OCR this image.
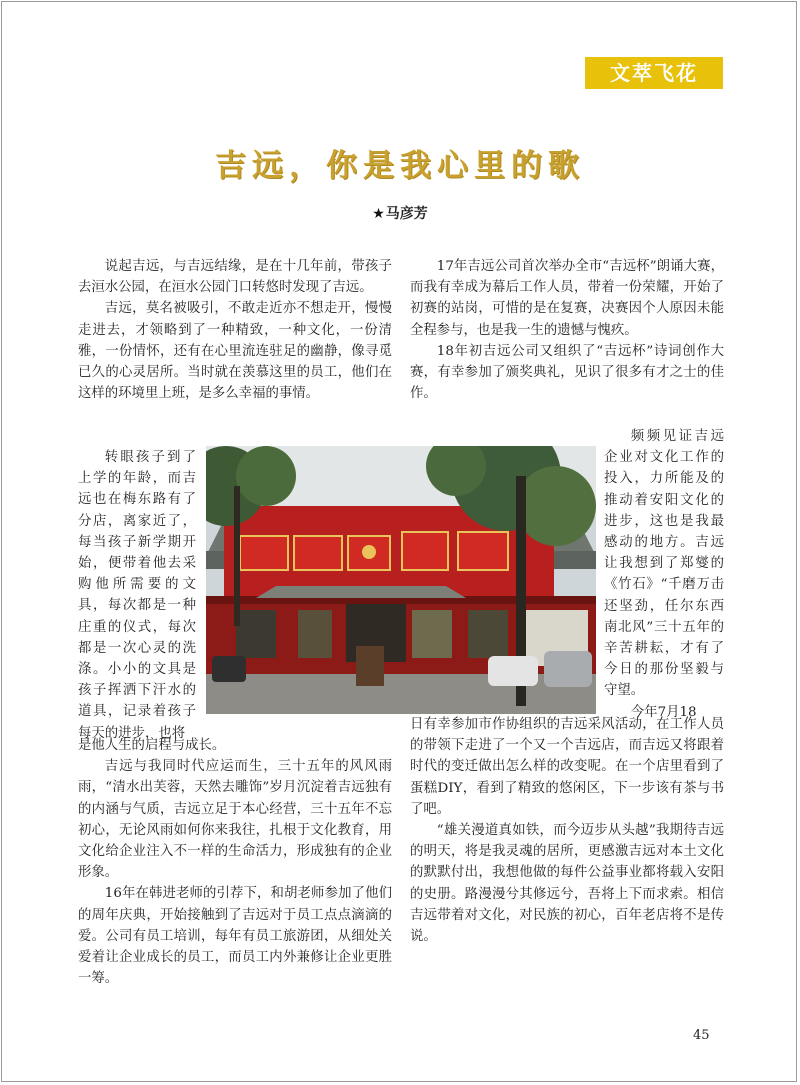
文萃飞花
吉远，你是我心里的歌
★马彦芳

说起吉远，与吉远结缘，是在十几年前，带孩子去洹水公园，在洹水公园门口转悠时发现了吉远。

吉远，莫名被吸引，不敢走近亦不想走开，慢慢走进去，才领略到了一种精致，一种文化，一份清雅，一份情怀，还有在心里流连驻足的幽静，像寻觅已久的心灵居所。当时就在羡慕这里的员工，他们在这样的环境里上班，是多么幸福的事情。

转眼孩子到了上学的年龄，而吉远也在梅东路有了分店，离家近了，每当孩子新学期开始，便带着他去采购他所需要的文具，每次都是一种庄重的仪式，每次都是一次心灵的洗涤。小小的文具是孩子挥洒下汗水的道具，记录着孩子每天的进步，也将

是他人生的启程与成长。

吉远与我同时代应运而生，三十五年的风风雨雨，“清水出芙蓉，天然去雕饰”岁月沉淀着吉远独有的内涵与气质，吉远立足于本心经营，三十五年不忘初心，无论风雨如何你来我往，扎根于文化教育，用文化给企业注入不一样的生命活力，形成独有的企业形象。

16年在韩进老师的引荐下，和胡老师参加了他们的周年庆典，开始接触到了吉远对于员工点点滴滴的爱。公司有员工培训，每年有员工旅游团，从细处关爱着让企业成长的员工，而员工内外兼修让企业更胜一筹。

17年吉远公司首次举办全市“吉远杯”朗诵大赛，而我有幸成为幕后工作人员，带着一份荣耀，开始了初赛的站岗，可惜的是在复赛，决赛因个人原因未能全程参与，也是我一生的遗憾与愧疚。

18年初吉远公司又组织了“吉远杯”诗词创作大赛，有幸参加了颁奖典礼，见识了很多有才之士的佳作。

频频见证吉远企业对文化工作的投入，力所能及的推动着安阳文化的进步，这也是我最感动的地方。吉远让我想到了郑燮的《竹石》“千磨万击还坚劲，任尔东西南北风”三十五年的辛苦耕耘，才有了今日的那份坚毅与守望。

今年7月18

日有幸参加市作协组织的吉远采风活动，在工作人员的带领下走进了一个又一个吉远店，而吉远又将跟着时代的变迁做出怎么样的改变呢。在一个店里看到了蛋糕DIY，看到了精致的悠闲区，下一步该有茶与书了吧。

“雄关漫道真如铁，而今迈步从头越”我期待吉远的明天，将是我灵魂的居所，更感激吉远对本土文化的默默付出，我想他做的每件公益事业都将载入安阳的史册。路漫漫兮其修远兮，吾将上下而求索。相信吉远带着对文化，对民族的初心，百年老店将不是传说。

45
